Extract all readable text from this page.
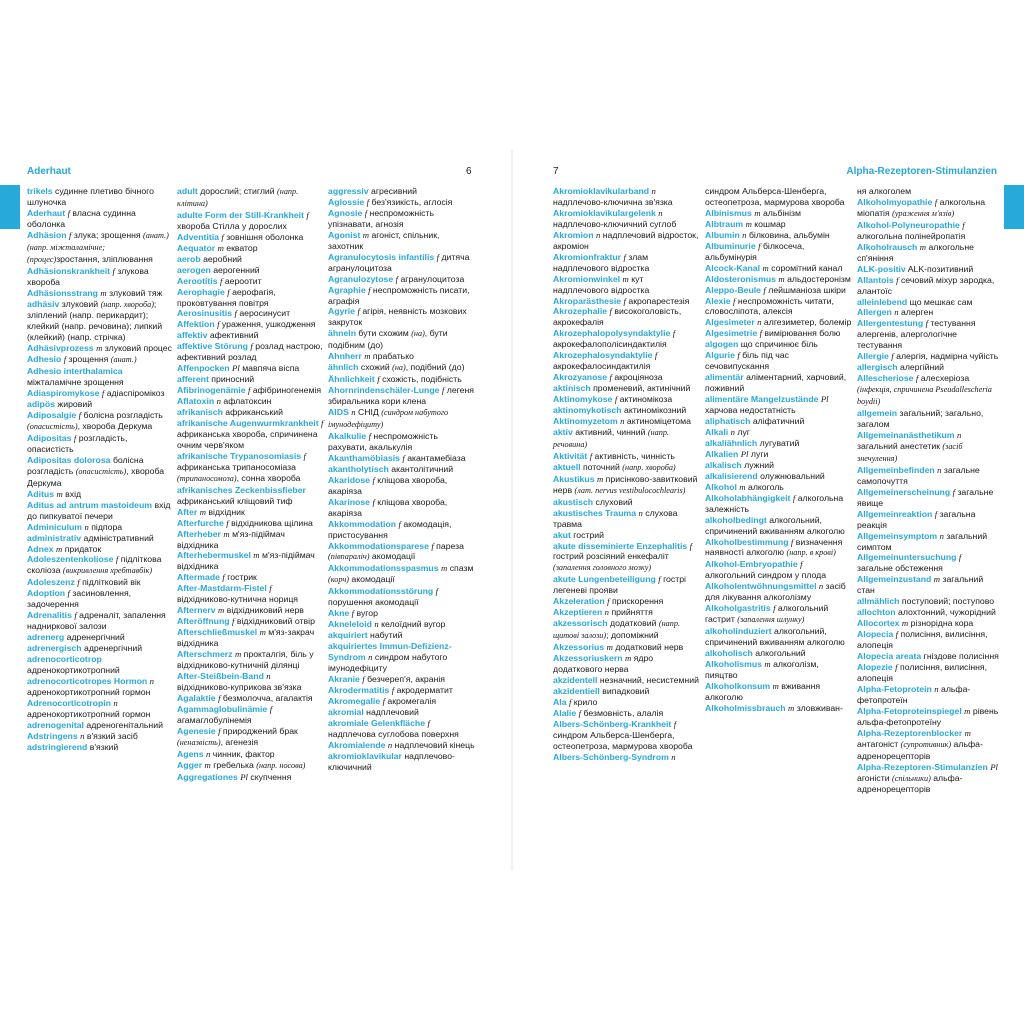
Aderhaut	6
A
trikels судинне плетиво бічного шлуночка
Aderhaut f власна судинна оболонка
Adhäsion f злука; зрощення (анат.) (напр. міжталамічне; (процес)зростання, зліплювання
Adhäsionskrankheit f злукова хвороба
Adhäsionsstrang m злуковий тяж
adhäsiv злуковий (напр. хвороба); зліплений (напр. перикардит); клейкий (напр. речовина); липкий (клейкий) (напр. стрічка)
Adhäsivprozess m злуковий процес
Adhesio f зрощення (анат.)
Adhesio interthalamica міжталамічне зрощення
Adiaspiromykose f адіаспіромікоз
adipös жировий
Adiposalgie f болісна розгладість (опасистість), хвороба Деркума
Adipositas f розгладість, опасистість
Adipositas dolorosa болісна розгладість (опасистість), хвороба Деркума
Aditus m вхід
Aditus ad antrum mastoideum вхід до пипкуватої печери
Adminiculum n підпора
administrativ адміністративний
Adnex m придаток
Adoleszentenkoliose f підліткова сколіоза (викривлення хребтавбік)
Adoleszenz f підлітковий вік
Adoption f засиновлення, задочерення
Adrenalitis f адреналіт, запалення надниркової залози
adrenerg адренергічний
adrenergisch адренергічний
adrenocorticotrop адренокортикотропний
adrenocorticotropes Hormon n адренокортикотропний гормон
Adrenocorticotropin n адренокортикотропний гормон
adrenogenital адреногенітальний
Adstringens n в'язкий засіб
adstringierend в'язкий
adult дорослий; стиглий (напр. клітина)
adulte Form der Still-Krankheit f хвороба Стілла у дорослих
Adventitia f зовнішня оболонка
Aequator m екватор
aerob аеробний
aerogen аерогенний
Aerootitis f аероотит
Aerophagie f аерофагія, проковтування повітря
Aerosinusitis f аеросинусит
Affektion f ураження, ушкодження
affektiv афективний
affektive Störung f розлад настрою, афективний розлад
Affenpocken Pl мавпяча віспа
afferent приносний
Afibrinogenämie f афібриногенемія
Aflatoxin n афлатоксин
afrikanisch африканський
afrikanische Augenwurmkrankheit f африканська хвороба, спричинена очним черв'яком
afrikanische Trypanosomiasis f африканська трипаносоміаза (трипаносомоза), сонна хвороба
afrikanisches Zeckenbissfieber африканський кліщовий тиф
After m відхідник
Afterfurche f відхідникова щілина
Afterheber m м'яз-підіймач відхідника
Afterhebermuskel m м'яз-підіймач відхідника
Aftermade f гострик
After-Mastdarm-Fistel f відхідниково-кутнична нориця
Afternerv m відхідниковий нерв
Afteröffnung f відхідниковий отвір
Afterschließmuskel m м'яз-закрач відхідника
Afterschmerz m прокталгія, біль у відхідниково-кутничній ділянці
After-Steißbein-Band n відхідниково-куприкова зв'язка
Agalaktie f безмолочча, агалактія
Agammaglobulinämie f агамаглобулінемія
Agenesie f природжений брак (неназвість), агенезія
Agens n чинник, фактор
Agger m гребелька (напр. носова)
Aggregationes Pl скупчення
aggressiv агресивний
Aglossie f без'язикість, аглосія
Agnosie f неспроможність упізнавати, агнозія
Agonist m агоніст, спільник, захотник
Agranulocytosis infantilis f дитяча агранулоцитоза
Agranulozytose f агранулоцитоза
Agraphie f неспроможність писати, аграфія
Agyrie f агірія, неявність мозкових закруток
ähneln бути схожим (на), бути подібним (до)
Ahnherr m прабатько
ähnlich схожий (на), подібний (до)
Ähnlichkeit f схожість, подібність
Ahornrindenschäler-Lunge f легеня збиральника кори клена
AIDS n СНІД (синдром набутого імунодефіциту)
Akalkulie f неспроможність рахувати, акалькулія
Akanthamöbiasis f акантамебіаза
akantholytisch акантолітичний
Akaridose f кліщова хвороба, акаріяза
Akarinose f кліщова хвороба, акаріяза
Akkommodation f акомодація, пристосування
Akkommodationsparese f пареза (півпараліч) акомодації
Akkommodationsspasmus m спазм (корч) акомодації
Akkommodationsstörung f порушення акомодації
Akne f вугор
Akneleloid n келоїдний вугор
akquiriert набутий
akquiriertes Immun-Defizienz-Syndrom n синдром набутого імунодефіциту
Akranie f безчереп'я, акранія
Akrodermatitis f акродерматит
Akromegalie f акромегалія
akromial надплечовий
akromiale Gelenkfläche f надплечова суглобова поверхня
Akromialende n надплечовий кінець
akromioklavikular надплечово-ключичний
7	Alpha-Rezeptoren-Stimulanzien
A
Akromioklavikularband n надплечово-ключична зв'язка
Akromioklavikulargelenk n надплечово-ключичний суглоб
Akromion n надплечовий відросток, акроміон
Akromionfraktur f злам надплечового відростка
Akromionwinkel m кут надплечового відростка
Akroparästhesie f акропарестезія
Akrozephalie f високоголовість, акрокефалія
Akrozephalopolysyndaktylie f акрокефалополісиндактилія
Akrozephalosyndaktylie f акрокефалосиндактилія
Akrozyanose f акроціяноза
aktinisch променевий, актинічний
Aktinomykose f актиномікоза
aktinomykotisch актиномікозний
Aktinomyzetom n актиноміцетома
aktiv активний, чинний (напр. речовина)
Aktivität f активність, чинність
aktuell поточний (напр. хвороба)
Akustikus m присінково-завитковий нерв (лат. nervus vestibulocochlearis)
akustisch слуховий
akustisches Trauma n слухова травма
akut гострий
akute disseminierte Enzephalitis f гострий розсіяний енкефаліт (запалення головного мозку)
akute Lungenbeteiligung f гострі легеневі прояви
Akzeleration f прискорення
Akzeptieren n прийняття
akzessorisch додатковий (напр. щитові залози); допоміжний
Akzessorius m додатковий нерв
Akzessoriuskern m ядро додаткового нерва
akzidentell незначний, несистемний
akzidentiell випадковий
Ala f крило
Alalie f безмовність, алалія
Albers-Schönberg-Krankheit f синдром Альберса-Шенберга, остеопетроза, мармурова хвороба
Albers-Schönberg-Syndrom n
синдром Альберса-Шенберга, остеопетроза, мармурова хвороба
Albinismus m альбінізм
Albtraum m кошмар
Albumin n білковина, альбумін
Albuminurie f білкосеча, альбумінурія
Alcock-Kanal m соромітний канал
Aldosteronismus m альдостеронізм
Aleppo-Beule f лейшманіоза шкіри
Alexie f неспроможність читати, словосліпота, алексія
Algesimeter n алгезиметер, болемір
Algesimetrie f вимірювання болю
algogen що спричинює біль
Algurie f біль під час сечовипускання
alimentär аліментарний, харчовий, поживний
alimentäre Mangelzustände Pl харчова недостатність
aliphatisch аліфатичний
Alkali n луг
alkaliähnlich лугуватий
Alkalien Pl луги
alkalisch лужний
alkalisierend олужнювальний
Alkohol m алкоголь
Alkoholabhängigkeit f алкогольна залежність
alkoholbedingt алкогольний, спричинений вживанням алкоголю
Alkoholbestimmung f визначення наявності алкоголю (напр. в крові)
Alkohol-Embryopathie f алкогольний синдром у плода
Alkoholentwöhnungsmittel n засіб для лікування алкоголізму
Alkoholgastritis f алкогольний гастрит (запалення шлунку)
alkoholinduziert алкогольний, спричинений вживанням алкоголю
alkoholisch алкогольний
Alkoholismus m алкоголізм, пияцтво
Alkoholkonsum m вживання алкоголю
Alkoholmissbrauch m зловживан-
ня алкоголем
Alkoholmyopathie f алкогольна міопатія (ураження м'язів)
Alkohol-Polyneuropathie f алкогольна полінейропатія
Alkoholrausch m алкогольне сп'яніння
ALK-positiv ALK-позитивний
Allantois f сечовий міхур зародка, алантоїс
alleinlebend що мешкає сам
Allergen n алерген
Allergentestung f тестування алергенів, алергологічне тестування
Allergie f алергія, надмірна чуйість
allergisch алергійний
Allescheriose f алесхеріоза (інфекція, спричинена Pseudallescheria boydii)
allgemein загальний; загально, загалом
Allgemeinanästhetikum n загальний анестетик (засіб знечулення)
Allgemeinbefinden n загальне самопочуття
Allgemeinerscheinung f загальне явище
Allgemeinreaktion f загальна реакція
Allgemeinsymptom n загальний симптом
Allgemeinuntersuchung f загальне обстеження
Allgemeinzustand m загальний стан
allmählich поступовий; поступово
allochton алохтонний, чужорідний
Allocortex m різнорідна кора
Alopecia f полисіння, вилисіння, алопеція
Alopecia areata гніздове полисіння
Alopezie f полисіння, вилисіння, алопеція
Alpha-Fetoprotein n альфа-фетопротеїн
Alpha-Fetoproteinspiegel m рівень альфа-фетопротеїну
Alpha-Rezeptorenblocker m антагоніст (супротивник) альфа-адренорецепторів
Alpha-Rezeptoren-Stimulanzien Pl агоністи (спільники) альфа-адренорецепторів
